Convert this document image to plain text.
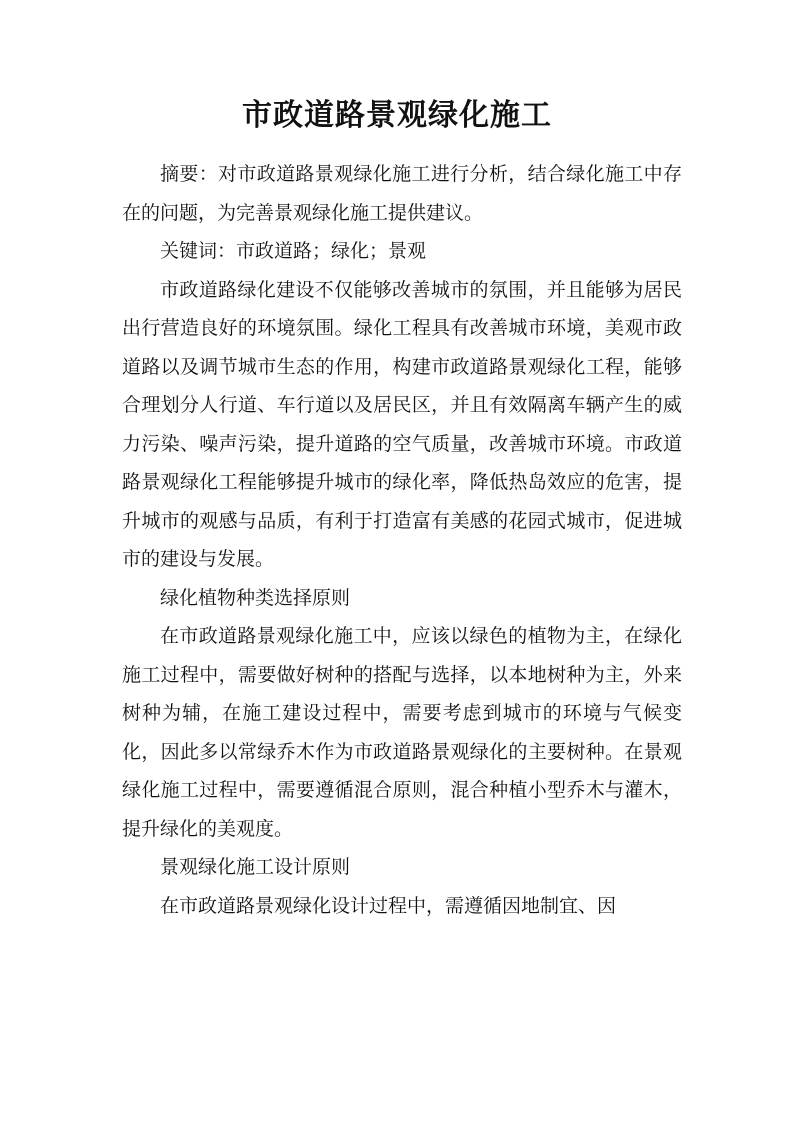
市政道路景观绿化施工

摘要：对市政道路景观绿化施工进行分析，结合绿化施工中存在的问题，为完善景观绿化施工提供建议。

关键词：市政道路；绿化；景观

市政道路绿化建设不仅能够改善城市的氛围，并且能够为居民出行营造良好的环境氛围。绿化工程具有改善城市环境，美观市政道路以及调节城市生态的作用，构建市政道路景观绿化工程，能够合理划分人行道、车行道以及居民区，并且有效隔离车辆产生的威力污染、噪声污染，提升道路的空气质量，改善城市环境。市政道路景观绿化工程能够提升城市的绿化率，降低热岛效应的危害，提升城市的观感与品质，有利于打造富有美感的花园式城市，促进城市的建设与发展。

绿化植物种类选择原则

在市政道路景观绿化施工中，应该以绿色的植物为主，在绿化施工过程中，需要做好树种的搭配与选择，以本地树种为主，外来树种为辅，在施工建设过程中，需要考虑到城市的环境与气候变化，因此多以常绿乔木作为市政道路景观绿化的主要树种。在景观绿化施工过程中，需要遵循混合原则，混合种植小型乔木与灌木，提升绿化的美观度。

景观绿化施工设计原则

在市政道路景观绿化设计过程中，需遵循因地制宜、因
